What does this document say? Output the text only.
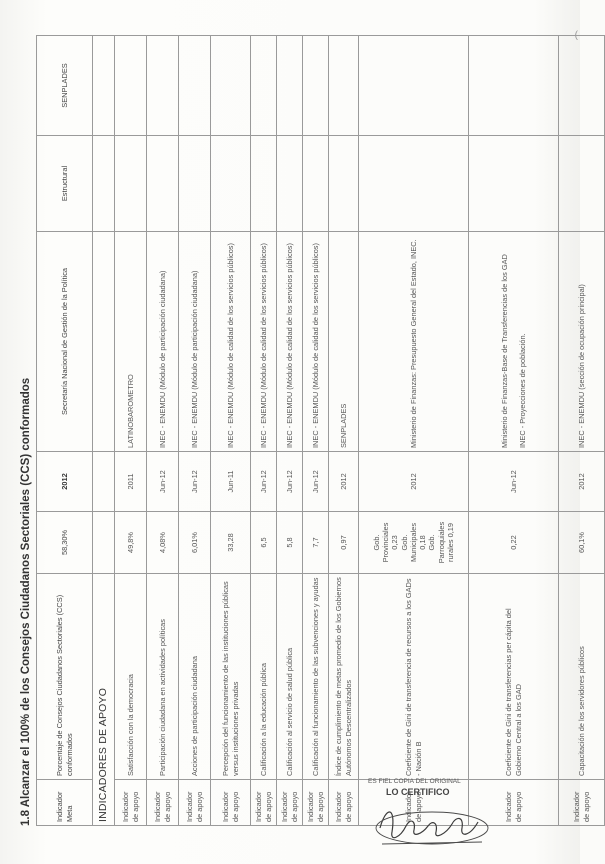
1.8 Alcanzar el 100% de los Consejos Ciudadanos Sectoriales (CCS) conformados	Indicador Meta	Porcentaje de Consejos Ciudadanos Sectoriales (CCS) conformados	58,30%	2012	Secretaría Nacional de Gestión de la Política	Estructural	SENPLADES
INDICADORES DE APOYO						
Indicador de apoyo	Satisfacción con la democracia	49,8%	2011	LATINOBAROMETRO		
Indicador de apoyo	Participación ciudadana en actividades políticas	4,08%	Jun-12	INEC - ENEMDU (Módulo de participación ciudadana)		
Indicador de apoyo	Acciones de participación ciudadana	6,01%	Jun-12	INEC - ENEMDU (Módulo de participación ciudadana)		
Indicador de apoyo	Percepción del funcionamiento de las instituciones públicas versus instituciones privadas	33,28	Jun-11	INEC - ENEMDU (Módulo de calidad de los servicios públicos)		
Indicador de apoyo	Calificación a la educación pública	6,5	Jun-12	INEC - ENEMDU (Módulo de calidad de los servicios públicos)		
Indicador de apoyo	Calificación al servicio de salud pública	5,8	Jun-12	INEC - ENEMDU (Módulo de calidad de los servicios públicos)		
Indicador de apoyo	Calificación al funcionamiento de las subvenciones y ayudas	7,7	Jun-12	INEC - ENEMDU (Módulo de calidad de los servicios públicos)		
Indicador de apoyo	Índice de cumplimiento de metas promedio de los Gobiernos Autónomos Descentralizados	0,97	2012	SENPLADES		
Indicador de apoyo	Coeficiente de Gini de transferencia de recursos a los GADs - Nación B	Gob. Provinciales 0,23
Gob. Municipales 0,18
Gob. Parroquiales rurales 0,19	2012	Ministerio de Finanzas: Presupuesto General del Estado, INEC.		
Indicador de apoyo	Coeficiente de Gini de transferencias per cápita del Gobierno Central a los GAD	0,22	Jun-12	Ministerio de Finanzas-Base de Transferencias de los GAD

INEC - Proyecciones de población.		
Indicador de apoyo	Capacitación de los servidores públicos	60,1%	2012	INEC - ENEMDU (sección de ocupación principal)		
ES FIEL COPIA DEL ORIGINAL
LO CERTIFICO
(
